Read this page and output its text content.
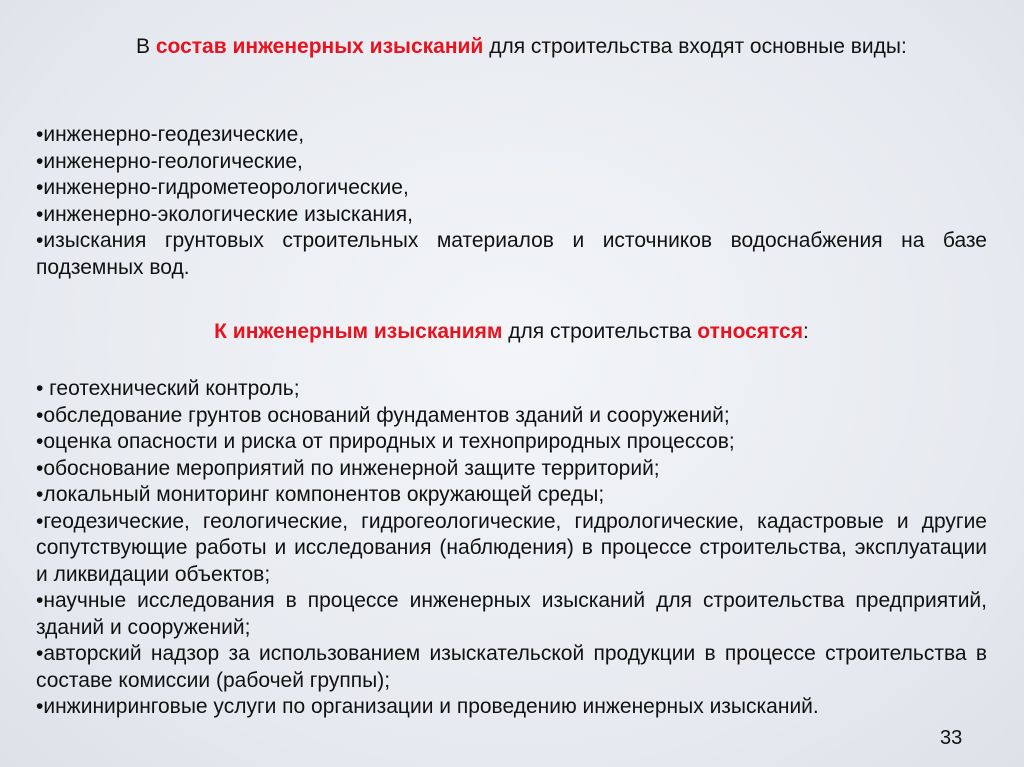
В состав инженерных изысканий для строительства входят основные виды:
•инженерно-геодезические,
•инженерно-геологические,
•инженерно-гидрометеорологические,
•инженерно-экологические изыскания,
•изыскания грунтовых строительных материалов и источников водоснабжения на базе подземных вод.
К инженерным изысканиям для строительства относятся:
• геотехнический контроль;
•обследование грунтов оснований фундаментов зданий и сооружений;
•оценка опасности и риска от природных и техноприродных процессов;
•обоснование мероприятий по инженерной защите территорий;
•локальный мониторинг компонентов окружающей среды;
•геодезические, геологические, гидрогеологические, гидрологические, кадастровые и другие сопутствующие работы и исследования (наблюдения) в процессе строительства, эксплуатации и ликвидации объектов;
•научные исследования в процессе инженерных изысканий для строительства предприятий, зданий и сооружений;
•авторский надзор за использованием изыскательской продукции в процессе строительства в составе комиссии (рабочей группы);
•инжиниринговые услуги по организации и проведению инженерных изысканий.
33
